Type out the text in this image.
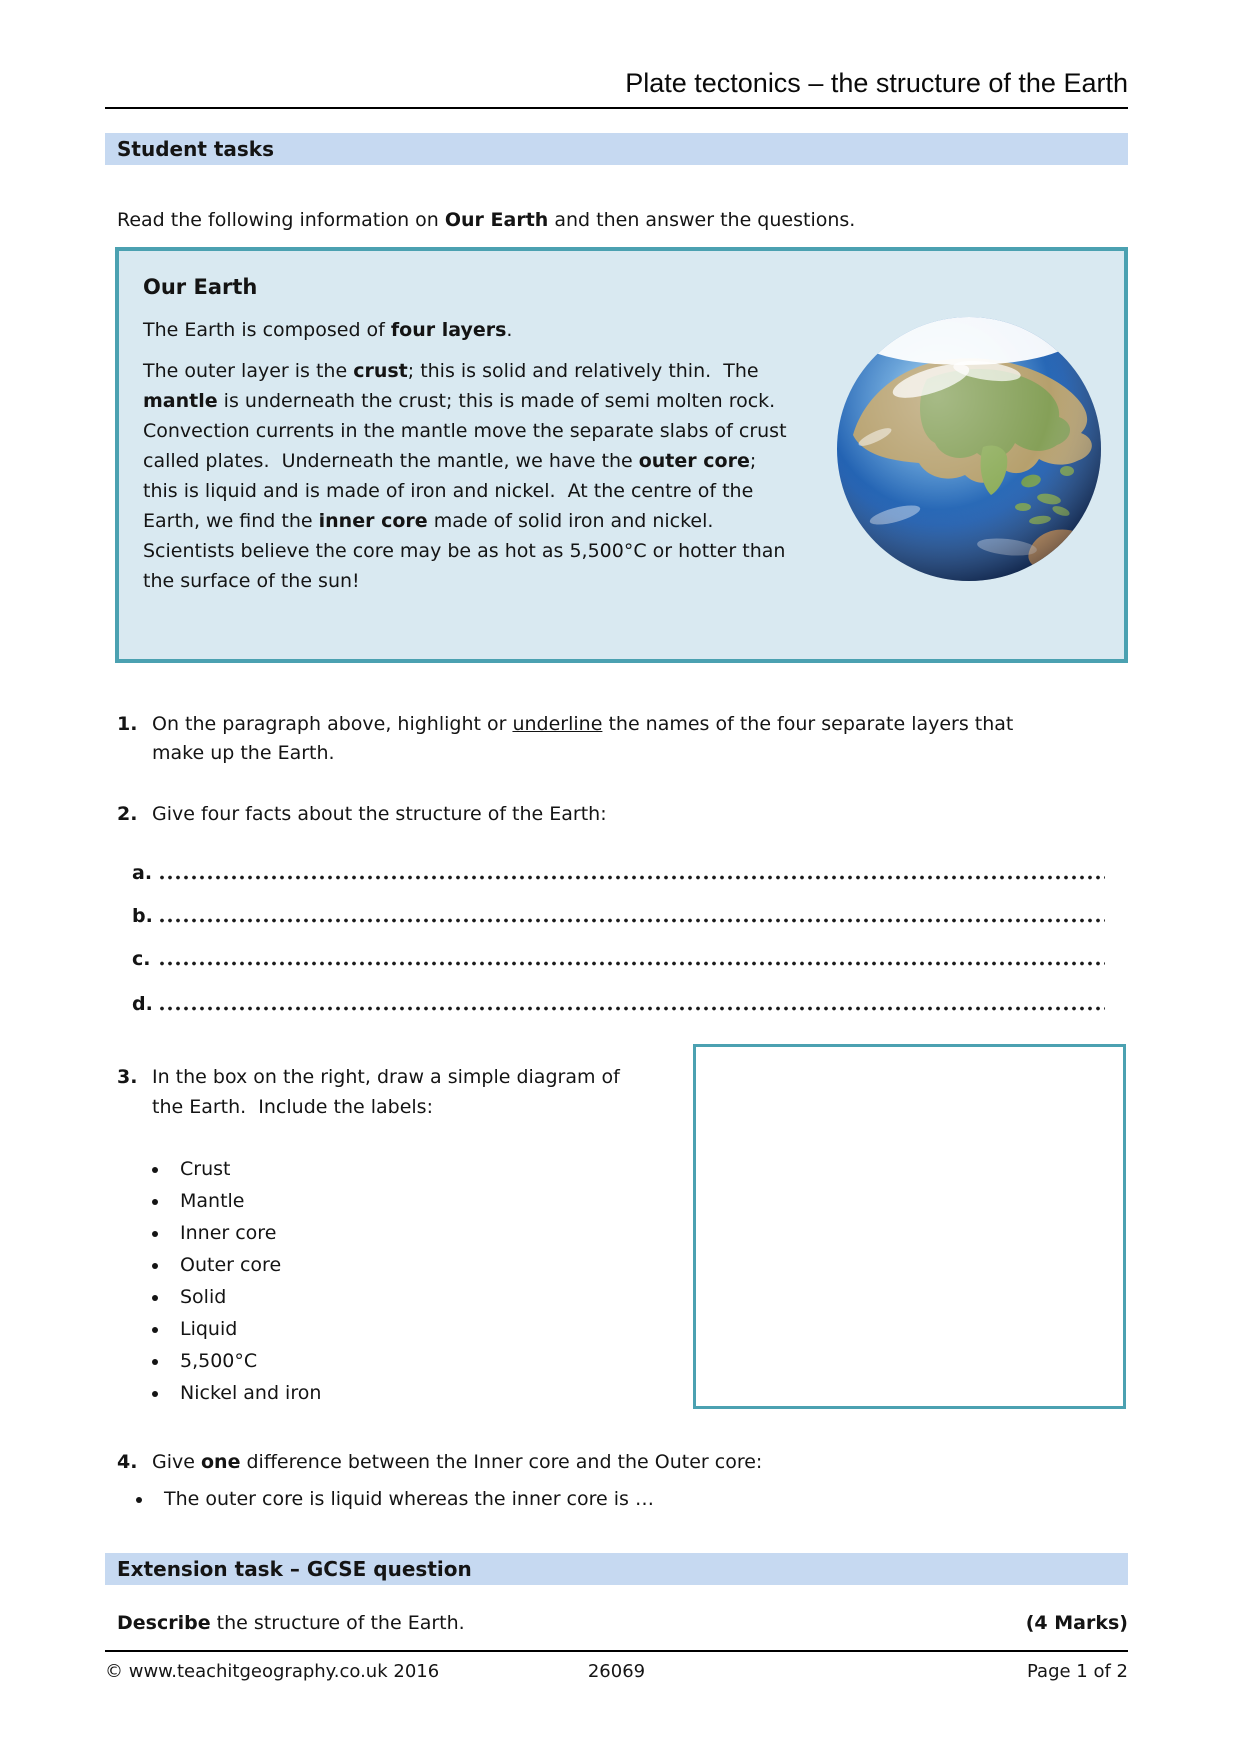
Plate tectonics – the structure of the Earth
Student tasks

Read the following information on Our Earth and then answer the questions.

Our Earth

The Earth is composed of four layers.

The outer layer is the crust; this is solid and relatively thin.  The mantle is underneath the crust; this is made of semi molten rock.  Convection currents in the mantle move the separate slabs of crust called plates.  Underneath the mantle, we have the outer core; this is liquid and is made of iron and nickel.  At the centre of the Earth, we find the inner core made of solid iron and nickel.  Scientists believe the core may be as hot as 5,500°C or hotter than the surface of the sun!

1. On the paragraph above, highlight or underline the names of the four separate layers that make up the Earth.
2. Give four facts about the structure of the Earth:
a.
b.
c.
d.
3. In the box on the right, draw a simple diagram of the Earth.  Include the labels:
• Crust
• Mantle
• Inner core
• Outer core
• Solid
• Liquid
• 5,500°C
• Nickel and iron
4. Give one difference between the Inner core and the Outer core:
• The outer core is liquid whereas the inner core is …
Extension task – GCSE question
Describe the structure of the Earth.	(4 Marks)
© www.teachitgeography.co.uk 2016	26069	Page 1 of 2
